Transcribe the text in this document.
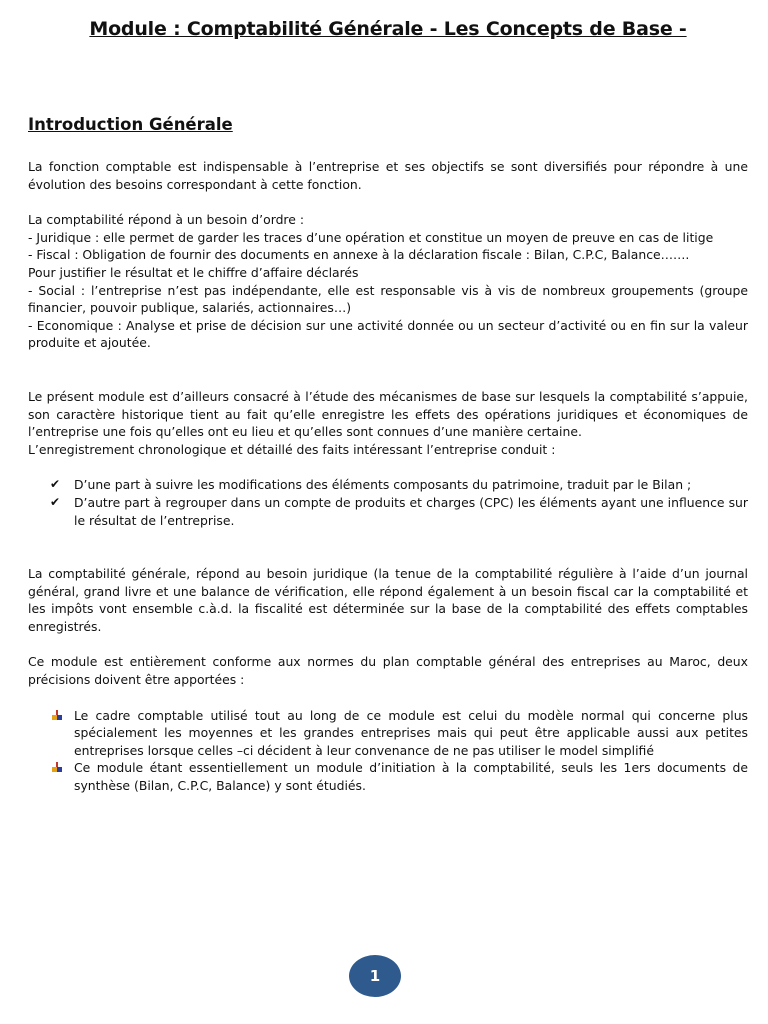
Module : Comptabilité Générale - Les Concepts de Base -
Introduction Générale

La fonction comptable est indispensable à l’entreprise et ses objectifs se sont diversifiés pour répondre à une évolution des besoins correspondant à cette fonction.

La comptabilité répond à un besoin d’ordre :

- Juridique : elle permet de garder les traces d’une opération et constitue un moyen de preuve en cas de litige

- Fiscal : Obligation de fournir des documents en annexe à la déclaration fiscale : Bilan, C.P.C, Balance…….

Pour justifier le résultat et le chiffre d’affaire déclarés

- Social : l’entreprise n’est pas indépendante, elle est responsable vis à vis de nombreux groupements (groupe financier, pouvoir publique, salariés, actionnaires…)

- Economique : Analyse et prise de décision sur une activité donnée ou un secteur d’activité ou en fin sur la valeur produite et ajoutée.

Le présent module est d’ailleurs consacré à l’étude des mécanismes de base sur lesquels la comptabilité s’appuie, son caractère historique tient au fait qu’elle enregistre les effets des opérations juridiques et économiques de l’entreprise une fois qu’elles ont eu lieu et qu’elles sont connues d’une manière certaine.

L’enregistrement chronologique et détaillé des faits intéressant l’entreprise conduit :

✔	D’une part à suivre les modifications des éléments composants du patrimoine, traduit par le Bilan ;
✔	D’autre part à regrouper dans un compte de produits et charges (CPC) les éléments ayant une influence sur le résultat de l’entreprise.

La comptabilité générale, répond au besoin juridique (la tenue de la comptabilité régulière à l’aide d’un journal général, grand livre et une balance de vérification, elle répond également à un besoin fiscal car la comptabilité et les impôts vont ensemble c.à.d. la fiscalité est déterminée sur la base de la comptabilité des effets comptables enregistrés.

Ce module est entièrement conforme aux normes du plan comptable général des entreprises au Maroc, deux précisions doivent être apportées :

Le cadre comptable utilisé tout au long de ce module est celui du modèle normal qui concerne plus spécialement les moyennes et les grandes entreprises mais qui peut être applicable aussi aux petites entreprises lorsque celles –ci décident à leur convenance de ne pas utiliser le model simplifié
Ce module étant essentiellement un module d’initiation à la comptabilité, seuls les 1ers documents de synthèse (Bilan, C.P.C, Balance) y sont étudiés.
1
